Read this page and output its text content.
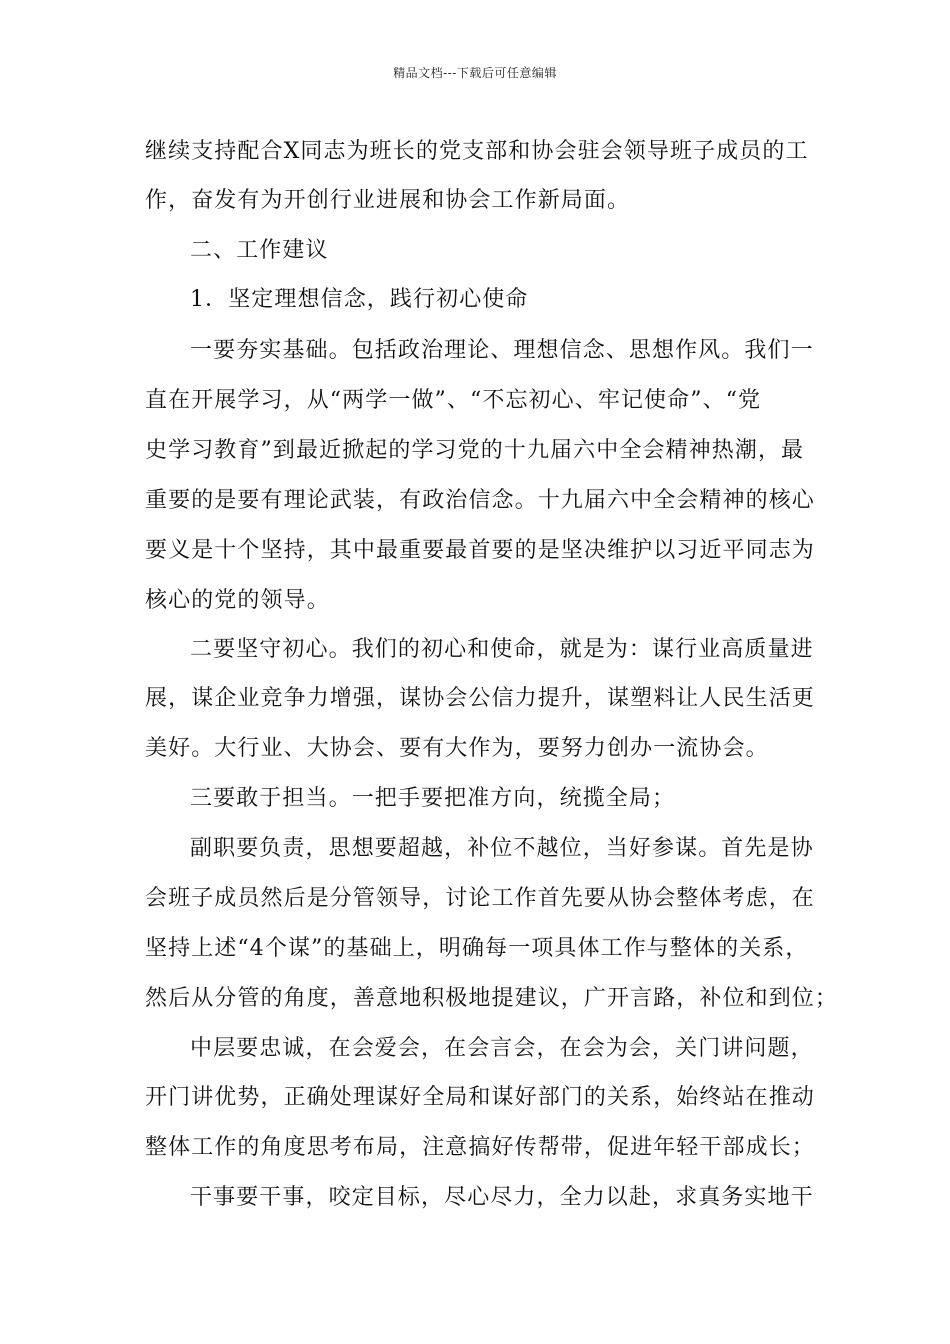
精品文档---下载后可任意编辑
继续支持配合X同志为班长的党支部和协会驻会领导班子成员的工
作，奋发有为开创行业进展和协会工作新局面。
二、工作建议
1．坚定理想信念，践行初心使命
一要夯实基础。包括政治理论、理想信念、思想作风。我们一
直在开展学习，从“两学一做”、“不忘初心、牢记使命”、“党
史学习教育”到最近掀起的学习党的十九届六中全会精神热潮，最
重要的是要有理论武装，有政治信念。十九届六中全会精神的核心
要义是十个坚持，其中最重要最首要的是坚决维护以习近平同志为
核心的党的领导。
二要坚守初心。我们的初心和使命，就是为：谋行业高质量进
展，谋企业竞争力增强，谋协会公信力提升，谋塑料让人民生活更
美好。大行业、大协会、要有大作为，要努力创办一流协会。
三要敢于担当。一把手要把准方向，统揽全局；
副职要负责，思想要超越，补位不越位，当好参谋。首先是协
会班子成员然后是分管领导，讨论工作首先要从协会整体考虑，在
坚持上述“4个谋”的基础上，明确每一项具体工作与整体的关系，
然后从分管的角度，善意地积极地提建议，广开言路，补位和到位；
中层要忠诚，在会爱会，在会言会，在会为会，关门讲问题，
开门讲优势，正确处理谋好全局和谋好部门的关系，始终站在推动
整体工作的角度思考布局，注意搞好传帮带，促进年轻干部成长；
干事要干事，咬定目标，尽心尽力，全力以赴，求真务实地干
